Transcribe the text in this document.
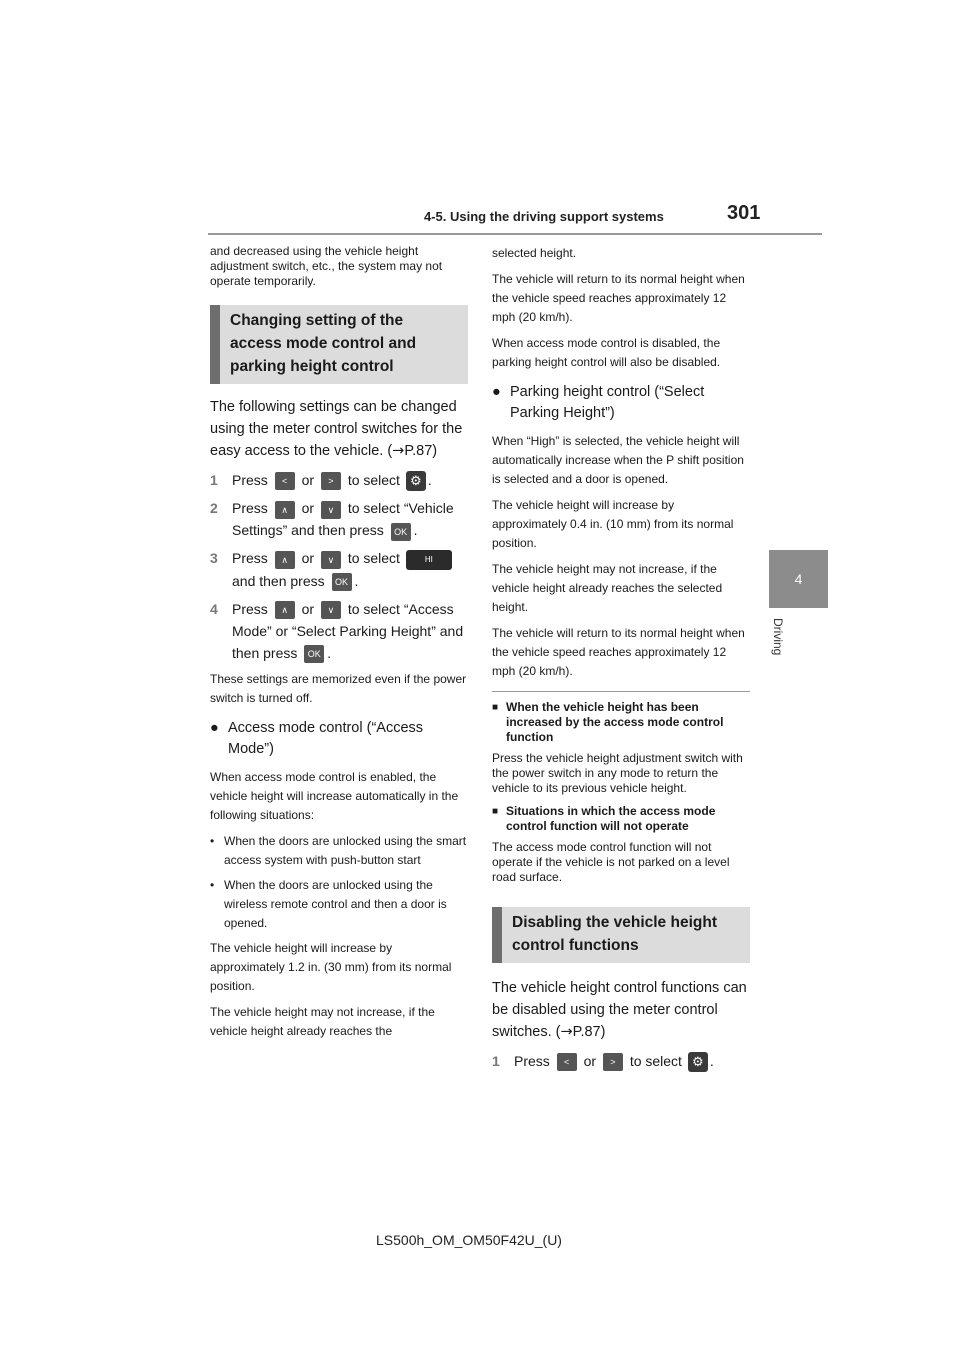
4-5. Using the driving support systems	301
4
Driving

and decreased using the vehicle height adjustment switch, etc., the system may not operate temporarily.

Changing setting of the access mode control and parking height control

The following settings can be changed using the meter control switches for the easy access to the vehicle. (→P.87)

1	Press < or > to select ⚙ .
2	Press ∧ or ∨ to select “Vehicle Settings” and then press OK .
3	Press ∧ or ∨ to select	HI and then press OK .
4	Press ∧ or ∨ to select “Access Mode” or “Select Parking Height” and then press OK .

These settings are memorized even if the power switch is turned off.

● Access mode control (“Access Mode”)

When access mode control is enabled, the vehicle height will increase automatically in the following situations:

• When the doors are unlocked using the smart access system with push-button start
• When the doors are unlocked using the wireless remote control and then a door is opened.

The vehicle height will increase by approximately 1.2 in. (30 mm) from its normal position.

The vehicle height may not increase, if the vehicle height already reaches the

selected height.

The vehicle will return to its normal height when the vehicle speed reaches approximately 12 mph (20 km/h).

When access mode control is disabled, the parking height control will also be disabled.

● Parking height control (“Select Parking Height”)

When “High” is selected, the vehicle height will automatically increase when the P shift position is selected and a door is opened.

The vehicle height will increase by approximately 0.4 in. (10 mm) from its normal position.

The vehicle height may not increase, if the vehicle height already reaches the selected height.

The vehicle will return to its normal height when the vehicle speed reaches approximately 12 mph (20 km/h).

■ When the vehicle height has been increased by the access mode control function

Press the vehicle height adjustment switch with the power switch in any mode to return the vehicle to its previous vehicle height.

■ Situations in which the access mode control function will not operate

The access mode control function will not operate if the vehicle is not parked on a level road surface.

Disabling the vehicle height control functions

The vehicle height control functions can be disabled using the meter control switches. (→P.87)

1	Press < or > to select ⚙ .
LS500h_OM_OM50F42U_(U)
